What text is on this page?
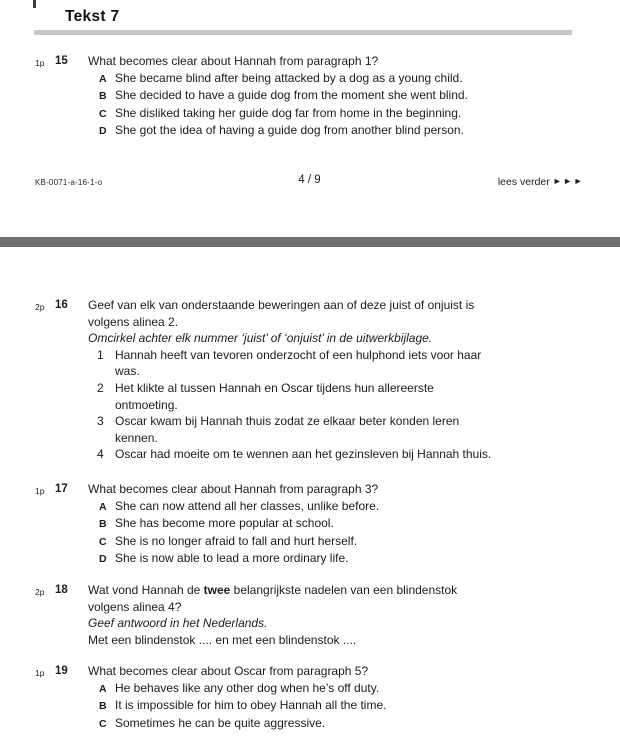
Tekst 7
1p 15	What becomes clear about Hannah from paragraph 1?
A She became blind after being attacked by a dog as a young child.
B She decided to have a guide dog from the moment she went blind.
C She disliked taking her guide dog far from home in the beginning.
D She got the idea of having a guide dog from another blind person.
KB-0071-a-16-1-o	4 / 9	lees verder ►►►
2p 16	Geef van elk van onderstaande beweringen aan of deze juist of onjuist is
volgens alinea 2.
Omcirkel achter elk nummer ‘juist’ of ‘onjuist’ in de uitwerkbijlage.
1 Hannah heeft van tevoren onderzocht of een hulphond iets voor haar
was.
2 Het klikte al tussen Hannah en Oscar tijdens hun allereerste
ontmoeting.
3 Oscar kwam bij Hannah thuis zodat ze elkaar beter konden leren
kennen.
4 Oscar had moeite om te wennen aan het gezinsleven bij Hannah thuis.
1p 17	What becomes clear about Hannah from paragraph 3?
A She can now attend all her classes, unlike before.
B She has become more popular at school.
C She is no longer afraid to fall and hurt herself.
D She is now able to lead a more ordinary life.
2p 18	Wat vond Hannah de twee belangrijkste nadelen van een blindenstok
volgens alinea 4?
Geef antwoord in het Nederlands.
Met een blindenstok .... en met een blindenstok ....
1p 19	What becomes clear about Oscar from paragraph 5?
A He behaves like any other dog when he’s off duty.
B It is impossible for him to obey Hannah all the time.
C Sometimes he can be quite aggressive.
